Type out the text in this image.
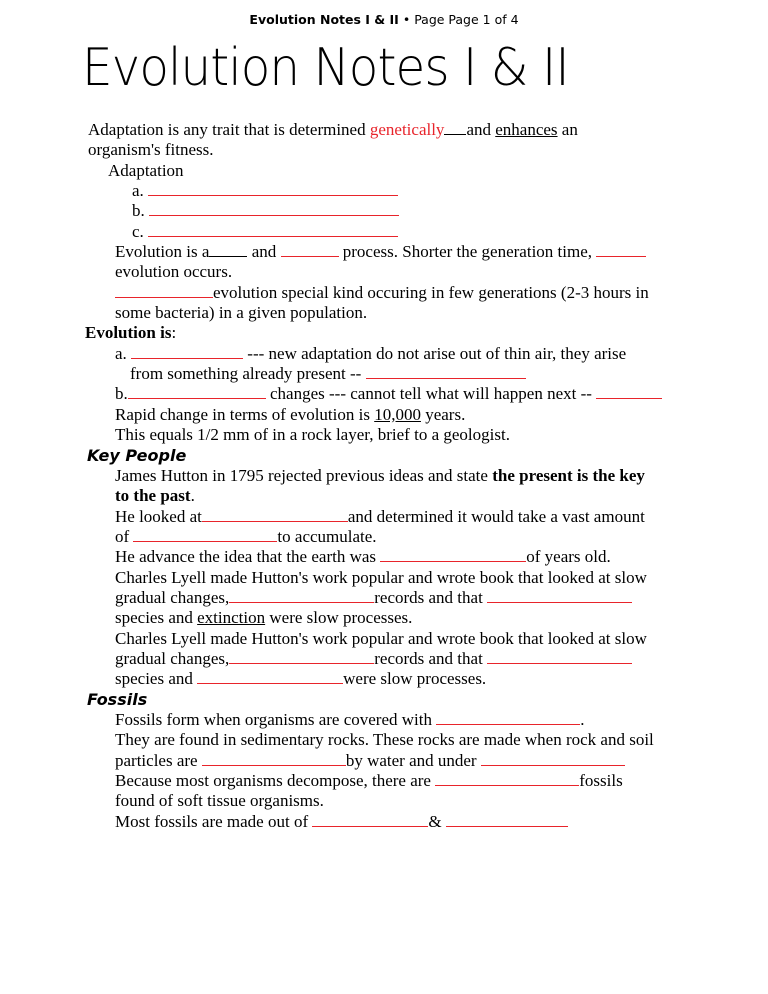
Evolution Notes I & II • Page Page 1 of 4
Evolution Notes I & II
Adaptation is any trait that is determined genetically and enhances an
organism's fitness.
Adaptation
a.
b.
c.
Evolution is a and	process. Shorter the generation time,
evolution occurs.
evolution special kind occuring in few generations (2-3 hours in
some bacteria) in a given population.
Evolution is:
a.	--- new adaptation do not arise out of thin air, they arise
from something already present --
b.	changes --- cannot tell what will happen next --
Rapid change in terms of evolution is 10,000 years.
This equals 1/2 mm of in a rock layer, brief to a geologist.
Key People
James Hutton in 1795 rejected previous ideas and state the present is the key
to the past.
He looked at	and determined it would take a vast amount
of	to accumulate.
He advance the idea that the earth was	of years old.
Charles Lyell made Hutton's work popular and wrote book that looked at slow
gradual changes,	records and that
species and extinction were slow processes.
Charles Lyell made Hutton's work popular and wrote book that looked at slow
gradual changes,	records and that
species and	were slow processes.
Fossils
Fossils form when organisms are covered with	.
They are found in sedimentary rocks. These rocks are made when rock and soil
particles are	by water and under
Because most organisms decompose, there are	fossils
found of soft tissue organisms.
Most fossils are made out of	&
